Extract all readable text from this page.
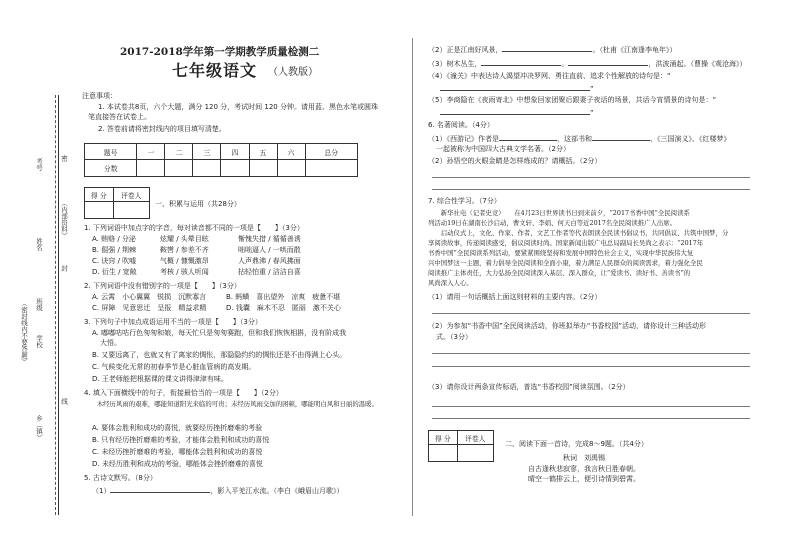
考号	密
姓名
（内部资料）
封
班级
学校
（密封线内不要答题）
线
乡（镇）
2017-2018学年第一学期教学质量检测二
七年级语文 （人教版）
注意事项：
1. 本试卷共8页，六个大题，满分 120 分，考试时间 120 分钟。请用蓝、黑色水笔或圆珠
笔直接答在试卷上。
2. 答卷前请将密封线内的项目填写清楚。
题号	一	二	三	四	五	六	总分
分数							
得 分	评卷人

一、积累与运用（共28分）
1. 下列词语中加点字的字音，每对读音都不同的一项是【　　】（3分）
A. 贿赂 / 分泌	炫耀 / 头晕目眩	惭愧失措 / 循循善诱
B. 倔强 / 荆棘	鞍辔 / 参差不齐	咄咄逼人 / 一哄而散
C. 诀窍 / 吹嘘	气概 / 慷慨激昂	人声鼎沸 / 春风拂面
D. 衍生 / 宽敞	考核 / 骇人听闻	拈轻怕重 / 洁洁自喜
2. 下列词语中没有错别字的一项是【　　】（3分）
A. 云霄　小心翼翼　锐损　沉默寡言	B. 蚂蟥　喜出望外　凉爽　疲惫不堪
C. 屏障　见意思迁　呈报　精益求精	D. 钱囊　麻木不忍　匿丽　激不关心
3. 下列句子中加点成语运用不当的一项是【　　】（3分）
A. 嘟嘟咕咕行色匆匆和娘，每天忙只是匆匆赛跑，但和我们恢恢相斟，没有阶成我
大悟。
B. 又要远离了，也就又有了离家的惆怅，那隐隐约约的惆怅还是不由得满上心头。
C. 气候变化无常的初春季节是心脏血管病的高发期。
D. 王老师能把根据课的课文讲得津津有味。
4. 填入下面横线中的句子，衔接最恰当的一项是【　　】（2分）
　　木经历风雨的艰难，哪能知道阳光来临的可贵；未经历风雨交加的困顿，哪能明白风和日丽的温暖。
A. 要体会胜利和成功的喜悦，就要经历挫折磨难的考验
B. 只有经历挫折磨难的考验，才能体会胜利和成功的喜悦
C. 未经历挫折磨难的考验，哪能体会胜利和成功的喜悦
D. 未经历胜利和成功的考验，哪能体会挫折磨难的喜悦
5. 古诗文默写。（8分）
（1）	，影入平羌江水流。（李白《峨眉山月歌》）
（2）正是江南好风景，	。（杜甫《江南逢李龟年》）
（3）树木丛生，	。	，洪波涌起。（曹操《观沧海》）
（4）《潼关》中表达诗人渴望冲决罗网、勇往直前、追求个性解放的诗句是：“
”
（5）李商隐在《夜雨寄北》中想象回家团聚后跟妻子夜话的场景，共话今宵情景的诗句是：“
”
6. 名著阅读。（4分）
（1）《西游记》作者是	，这部书和	、《三国演义》、《红楼梦》
一起被称为中国四大古典文学名著。（2分）
（2）孙悟空的火眼金睛是怎样炼成的？请概括。（2分）
7. 综合性学习。（7分）
　　新华社电（记者史竞）　　在4月23日世界读书日到来前夕，“2017书香中国”全民阅读系
列活动19日在湖南长沙启动，曹文轩、李娟、何天白等近2017名全民阅读推广人出席。
　　启动仪式上，文化、作家、作者、文艺工作者等代表朗读全民读书倡议书，共同倡议、共筑中国梦，分
享阅读故事，传递阅读感受，倡议阅读时尚。国家新闻出版广电总局副局长吴尚之表示：“2017年
书香中国”全民阅读系列活动，要紧紧围绕坚持和发展中国特色社会主义，实现中华民族伟大复
兴中国梦这一主题，着力倡导全民阅读和全面小康，着力满足人民群众的阅读需求，着力强化全民
阅读推广主体责任，大力弘扬全民阅读深入基层、深入群众，让“爱读书、读好书、善读书”的
风尚深入人心。
（1）请用一句话概括上面这则材料的主要内容。（2分）
（2）为参加“书香中国”全民阅读活动，你班拟举办“书香校园”活动，请你设计三种活动形
式。（3分）
（3）请你设计两条宣传标语，普选“书香校园”阅读氛围。（2分）
得 分	评卷人

二、阅读下面一首诗，完成8～9题。（共4分）
秋词　刘禹锡
自古逢秋悲寂寥，我言秋日胜春朝。
晴空一鹤排云上，便引诗情到碧霄。
